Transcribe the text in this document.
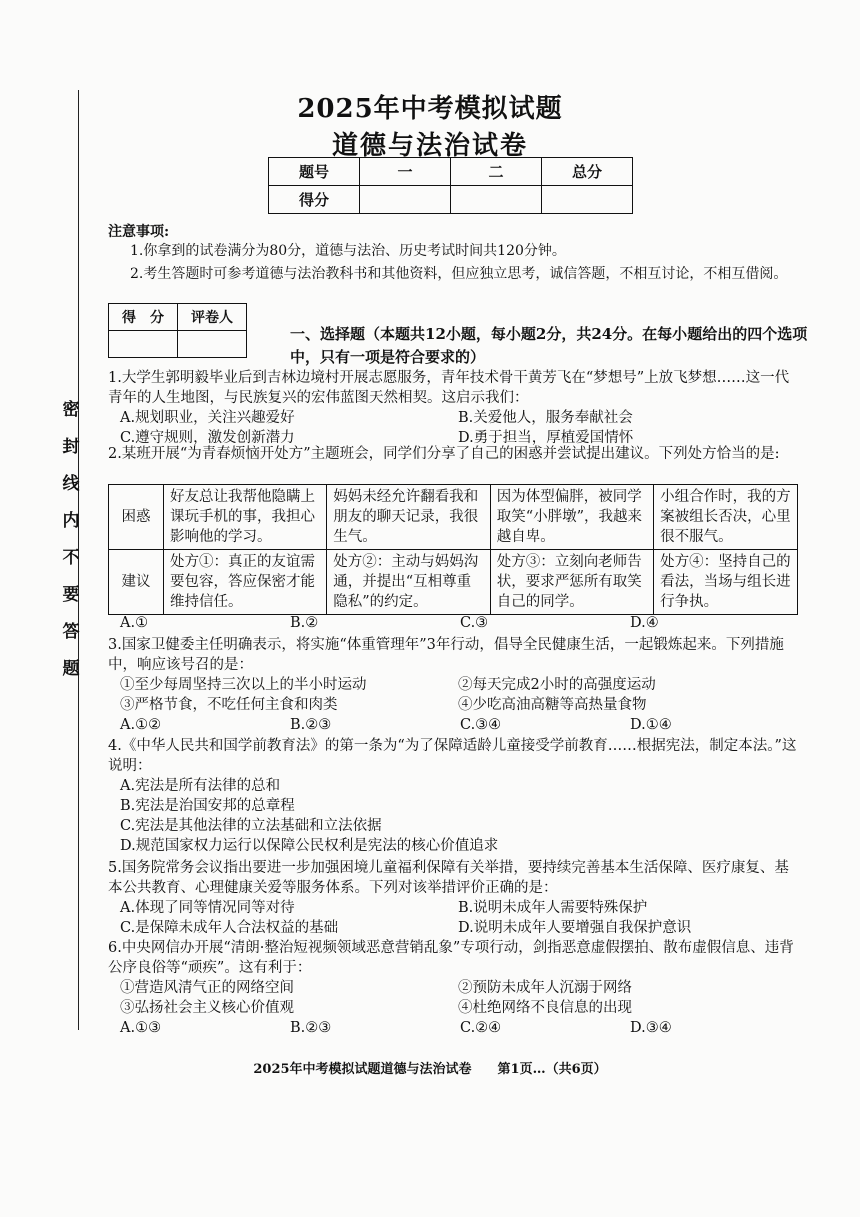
密
封
线
内
不
要
答
题
2025年中考模拟试题
道德与法治试卷
题号	一	二	总分
得分			
注意事项:
1.你拿到的试卷满分为80分，道德与法治、历史考试时间共120分钟。
2.考生答题时可参考道德与法治教科书和其他资料，但应独立思考，诚信答题，不相互讨论，不相互借阅。
得　分	评卷人

一、选择题（本题共12小题，每小题2分，共24分。在每小题给出的四个选项中，只有一项是符合要求的）

1.大学生郭明毅毕业后到吉林边境村开展志愿服务，青年技术骨干黄芳飞在“梦想号”上放飞梦想……这一代青年的人生地图，与民族复兴的宏伟蓝图天然相契。这启示我们：

A.规划职业，关注兴趣爱好	B.关爱他人，服务奉献社会
C.遵守规则，激发创新潜力	D.勇于担当，厚植爱国情怀

2.某班开展“为青春烦恼开处方”主题班会，同学们分享了自己的困惑并尝试提出建议。下列处方恰当的是:

困惑	好友总让我帮他隐瞒上课玩手机的事，我担心影响他的学习。	妈妈未经允许翻看我和朋友的聊天记录，我很生气。	因为体型偏胖，被同学取笑“小胖墩”，我越来越自卑。	小组合作时，我的方案被组长否决，心里很不服气。
建议	处方①：真正的友谊需要包容，答应保密才能维持信任。	处方②：主动与妈妈沟通，并提出“互相尊重隐私”的约定。	处方③：立刻向老师告状，要求严惩所有取笑自己的同学。	处方④：坚持自己的看法，当场与组长进行争执。
A.①	B.②	C.③	D.④

3.国家卫健委主任明确表示，将实施“体重管理年”3年行动，倡导全民健康生活，一起锻炼起来。下列措施中，响应该号召的是：

①至少每周坚持三次以上的半小时运动	②每天完成2小时的高强度运动
③严格节食，不吃任何主食和肉类	④少吃高油高糖等高热量食物
A.①②	B.②③	C.③④	D.①④

4.《中华人民共和国学前教育法》的第一条为“为了保障适龄儿童接受学前教育……根据宪法，制定本法。”这说明：

A.宪法是所有法律的总和
B.宪法是治国安邦的总章程
C.宪法是其他法律的立法基础和立法依据
D.规范国家权力运行以保障公民权利是宪法的核心价值追求

5.国务院常务会议指出要进一步加强困境儿童福利保障有关举措，要持续完善基本生活保障、医疗康复、基本公共教育、心理健康关爱等服务体系。下列对该举措评价正确的是：

A.体现了同等情况同等对待	B.说明未成年人需要特殊保护
C.是保障未成年人合法权益的基础	D.说明未成年人要增强自我保护意识

6.中央网信办开展“清朗·整治短视频领域恶意营销乱象”专项行动，剑指恶意虚假摆拍、散布虚假信息、违背公序良俗等“顽疾”。这有利于：

①营造风清气正的网络空间	②预防未成年人沉溺于网络
③弘扬社会主义核心价值观	④杜绝网络不良信息的出现
A.①③	B.②③	C.②④	D.③④
2025年中考模拟试题道德与法治试卷　　第1页…（共6页）
